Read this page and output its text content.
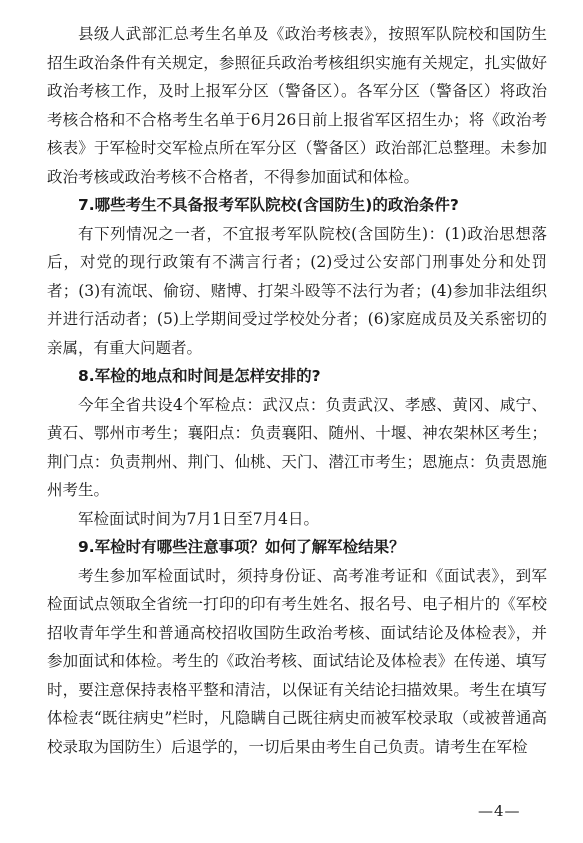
县级人武部汇总考生名单及《政治考核表》，按照军队院校和国防生招生政治条件有关规定，参照征兵政治考核组织实施有关规定，扎实做好政治考核工作，及时上报军分区（警备区）。各军分区（警备区）将政治考核合格和不合格考生名单于6月26日前上报省军区招生办；将《政治考核表》于军检时交军检点所在军分区（警备区）政治部汇总整理。未参加政治考核或政治考核不合格者，不得参加面试和体检。

7.哪些考生不具备报考军队院校(含国防生)的政治条件?

有下列情况之一者，不宜报考军队院校(含国防生)：(1)政治思想落后，对党的现行政策有不满言行者；(2)受过公安部门刑事处分和处罚者；(3)有流氓、偷窃、赌博、打架斗殴等不法行为者；(4)参加非法组织并进行活动者；(5)上学期间受过学校处分者；(6)家庭成员及关系密切的亲属，有重大问题者。

8.军检的地点和时间是怎样安排的?

今年全省共设4个军检点：武汉点：负责武汉、孝感、黄冈、咸宁、黄石、鄂州市考生；襄阳点：负责襄阳、随州、十堰、神农架林区考生；荆门点：负责荆州、荆门、仙桃、天门、潜江市考生；恩施点：负责恩施州考生。

军检面试时间为7月1日至7月4日。

9.军检时有哪些注意事项？如何了解军检结果？

考生参加军检面试时，须持身份证、高考准考证和《面试表》，到军检面试点领取全省统一打印的印有考生姓名、报名号、电子相片的《军校招收青年学生和普通高校招收国防生政治考核、面试结论及体检表》，并参加面试和体检。考生的《政治考核、面试结论及体检表》在传递、填写时，要注意保持表格平整和清洁，以保证有关结论扫描效果。考生在填写体检表“既往病史”栏时，凡隐瞒自己既往病史而被军校录取（或被普通高校录取为国防生）后退学的，一切后果由考生自己负责。请考生在军检

—4—
